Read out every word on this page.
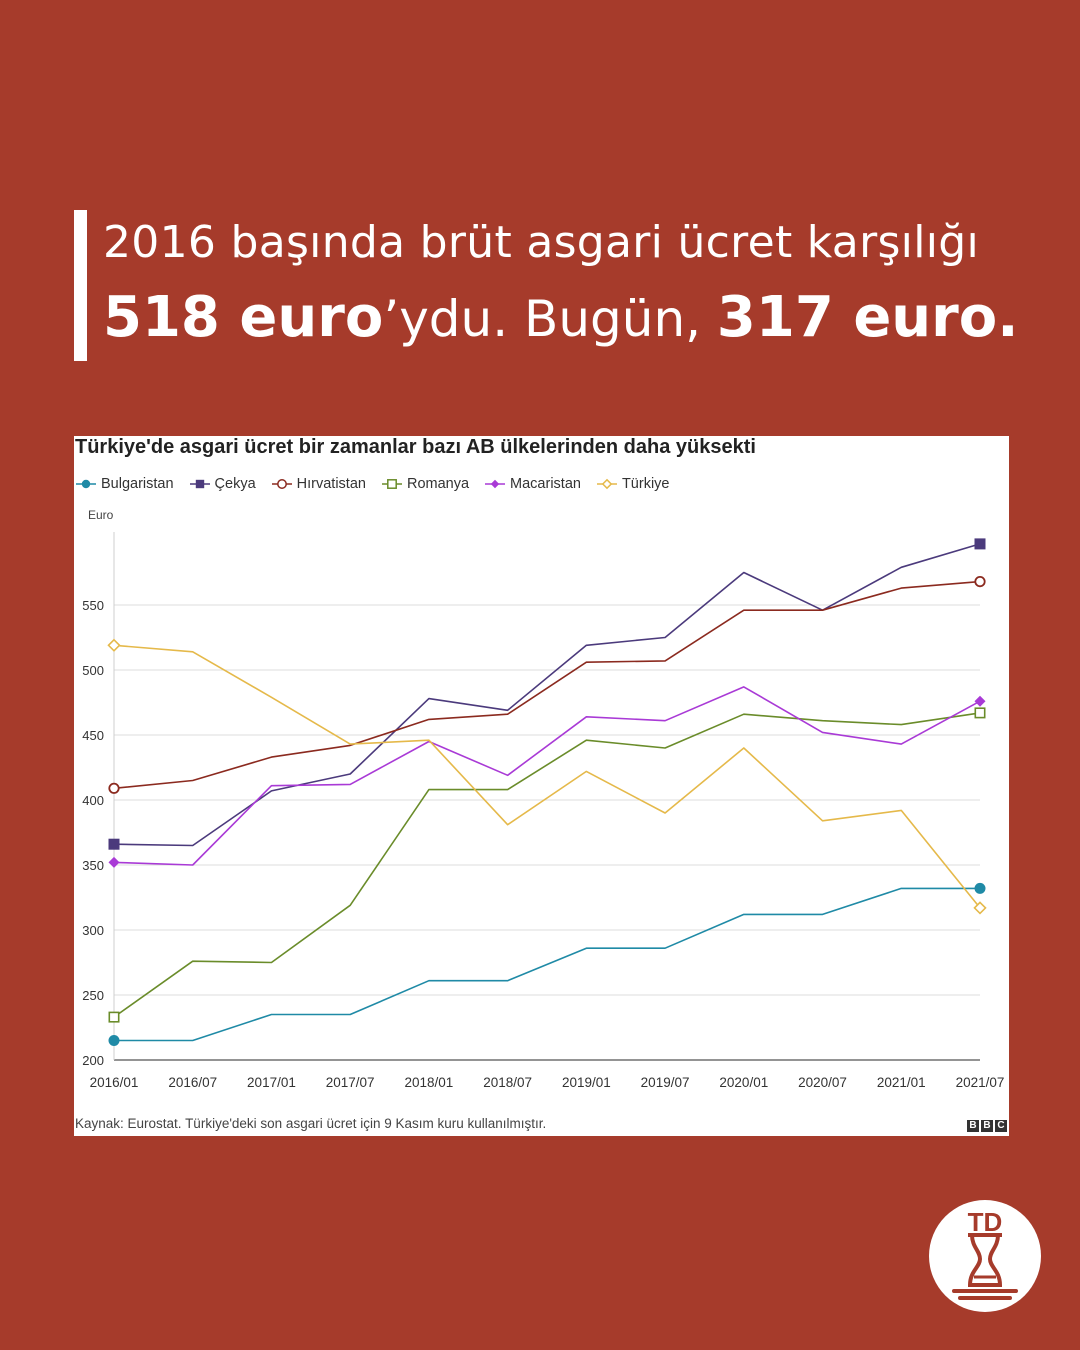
2016 başında brüt asgari ücret karşılığı
518 euro’ydu. Bugün, 317 euro.
Türkiye'de asgari ücret bir zamanlar bazı AB ülkelerinden daha yüksekti
Bulgaristan	Çekya	Hırvatistan	Romanya	Macaristan	Türkiye
Euro
200
250
300
350
400
450
500
550
2016/01 2016/07 2017/01 2017/07 2018/01 2018/07 2019/01 2019/07 2020/01 2020/07 2021/01 2021/07
Kaynak: Eurostat. Türkiye'deki son asgari ücret için 9 Kasım kuru kullanılmıştır.	B B C
TD
